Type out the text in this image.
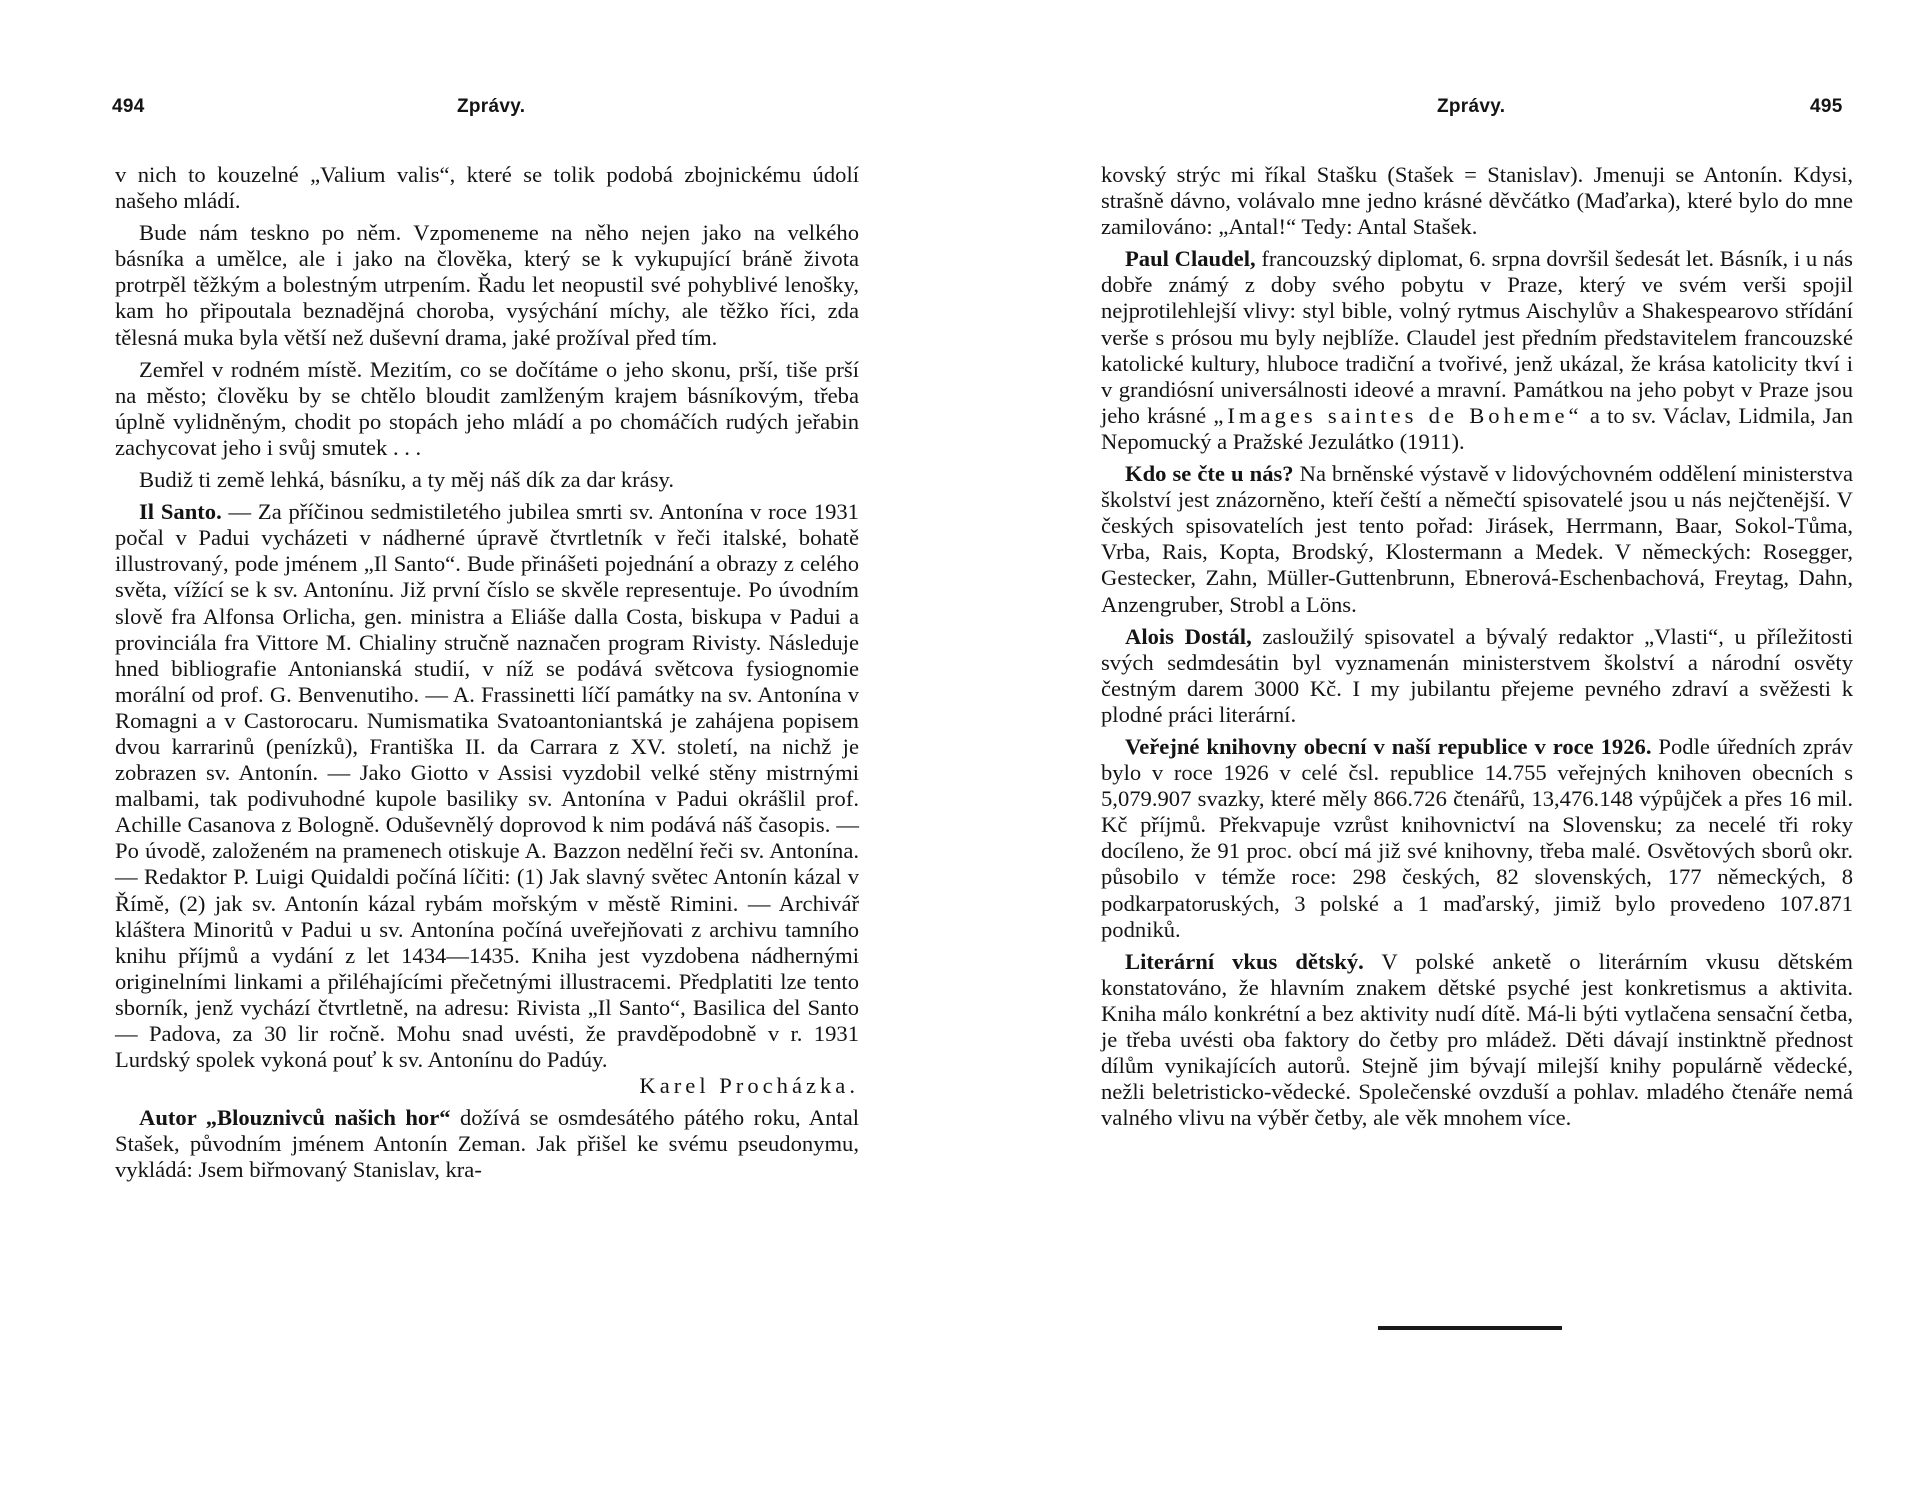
494	Zprávy.

v nich to kouzelné „Valium valis“, které se tolik podobá zbojnickému údolí našeho mládí.

Bude nám teskno po něm. Vzpomeneme na něho nejen jako na velkého básníka a umělce, ale i jako na člověka, který se k vykupující bráně života protrpěl těžkým a bolestným utrpením. Řadu let neopustil své pohyblivé lenošky, kam ho připoutala beznadějná choroba, vysýchání míchy, ale těžko říci, zda tělesná muka byla větší než duševní drama, jaké prožíval před tím.

Zemřel v rodném místě. Mezitím, co se dočítáme o jeho skonu, prší, tiše prší na město; člověku by se chtělo bloudit zamlženým krajem básníkovým, třeba úplně vylidněným, chodit po stopách jeho mládí a po chomáčích rudých jeřabin zachycovat jeho i svůj smutek . . .

Budiž ti země lehká, básníku, a ty měj náš dík za dar krásy.

Il Santo. — Za příčinou sedmistiletého jubilea smrti sv. Antonína v roce 1931 počal v Padui vycházeti v nádherné úpravě čtvrtletník v řeči italské, bohatě illustrovaný, pode jménem „Il Santo“. Bude přinášeti pojednání a obrazy z celého světa, vížící se k sv. Antonínu. Již první číslo se skvěle representuje. Po úvodním slově fra Alfonsa Orlicha, gen. ministra a Eliáše dalla Costa, biskupa v Padui a provinciála fra Vittore M. Chialiny stručně naznačen program Rivisty. Následuje hned bibliografie Antonianská studií, v níž se podává světcova fysiognomie morální od prof. G. Benvenutiho. — A. Frassinetti líčí památky na sv. Antonína v Romagni a v Castorocaru. Numismatika Svatoantoniantská je zahájena popisem dvou karrarinů (penízků), Františka II. da Carrara z XV. století, na nichž je zobrazen sv. Antonín. — Jako Giotto v Assisi vyzdobil velké stěny mistrnými malbami, tak podivuhodné kupole basiliky sv. Antonína v Padui okrášlil prof. Achille Casanova z Bologně. Oduševnělý doprovod k nim podává náš časopis. — Po úvodě, založeném na pramenech otiskuje A. Bazzon nedělní řeči sv. Antonína. — Redaktor P. Luigi Quidaldi počíná líčiti: (1) Jak slavný světec Antonín kázal v Římě, (2) jak sv. Antonín kázal rybám mořským v městě Rimini. — Archivář kláštera Minoritů v Padui u sv. Antonína počíná uveřejňovati z archivu tamního knihu příjmů a vydání z let 1434—1435. Kniha jest vyzdobena nádhernými originelními linkami a přiléhajícími přečetnými illustracemi. Předplatiti lze tento sborník, jenž vychází čtvrtletně, na adresu: Rivista „Il Santo“, Basilica del Santo — Padova, za 30 lir ročně. Mohu snad uvésti, že pravděpodobně v r. 1931 Lurdský spolek vykoná pouť k sv. Antonínu do Padúy.
Karel Procházka.

Autor „Blouznivců našich hor“ dožívá se osmdesátého pátého roku, Antal Stašek, původním jménem Antonín Zeman. Jak přišel ke svému pseudonymu, vykládá: Jsem biřmovaný Stanislav, kra-

Zprávy.	495

kovský strýc mi říkal Stašku (Stašek = Stanislav). Jmenuji se Antonín. Kdysi, strašně dávno, volávalo mne jedno krásné děvčátko (Maďarka), které bylo do mne zamilováno: „Antal!“ Tedy: Antal Stašek.

Paul Claudel, francouzský diplomat, 6. srpna dovršil šedesát let. Básník, i u nás dobře známý z doby svého pobytu v Praze, který ve svém verši spojil nejprotilehlejší vlivy: styl bible, volný rytmus Aischylův a Shakespearovo střídání verše s prósou mu byly nejblíže. Claudel jest předním představitelem francouzské katolické kultury, hluboce tradiční a tvořivé, jenž ukázal, že krása katolicity tkví i v grandiósní universálnosti ideové a mravní. Památkou na jeho pobyt v Praze jsou jeho krásné „Images saintes de Boheme“ a to sv. Václav, Lidmila, Jan Nepomucký a Pražské Jezulátko (1911).

Kdo se čte u nás? Na brněnské výstavě v lidovýchovném oddělení ministerstva školství jest znázorněno, kteří čeští a němečtí spisovatelé jsou u nás nejčtenější. V českých spisovatelích jest tento pořad: Jirásek, Herrmann, Baar, Sokol-Tůma, Vrba, Rais, Kopta, Brodský, Klostermann a Medek. V německých: Rosegger, Gestecker, Zahn, Müller-Guttenbrunn, Ebnerová-Eschenbachová, Freytag, Dahn, Anzengruber, Strobl a Löns.

Alois Dostál, zasloužilý spisovatel a bývalý redaktor „Vlasti“, u příležitosti svých sedmdesátin byl vyznamenán ministerstvem školství a národní osvěty čestným darem 3000 Kč. I my jubilantu přejeme pevného zdraví a svěžesti k plodné práci literární.

Veřejné knihovny obecní v naší republice v roce 1926. Podle úředních zpráv bylo v roce 1926 v celé čsl. republice 14.755 veřejných knihoven obecních s 5,079.907 svazky, které měly 866.726 čtenářů, 13,476.148 výpůjček a přes 16 mil. Kč příjmů. Překvapuje vzrůst knihovnictví na Slovensku; za necelé tři roky docíleno, že 91 proc. obcí má již své knihovny, třeba malé. Osvětových sborů okr. působilo v témže roce: 298 českých, 82 slovenských, 177 německých, 8 podkarpatoruských, 3 polské a 1 maďarský, jimiž bylo provedeno 107.871 podniků.

Literární vkus dětský. V polské anketě o literárním vkusu dětském konstatováno, že hlavním znakem dětské psyché jest konkretismus a aktivita. Kniha málo konkrétní a bez aktivity nudí dítě. Má-li býti vytlačena sensační četba, je třeba uvésti oba faktory do četby pro mládež. Děti dávají instinktně přednost dílům vynikajících autorů. Stejně jim bývají milejší knihy populárně vědecké, nežli beletristicko-vědecké. Společenské ovzduší a pohlav. mladého čtenáře nemá valného vlivu na výběr četby, ale věk mnohem více.
